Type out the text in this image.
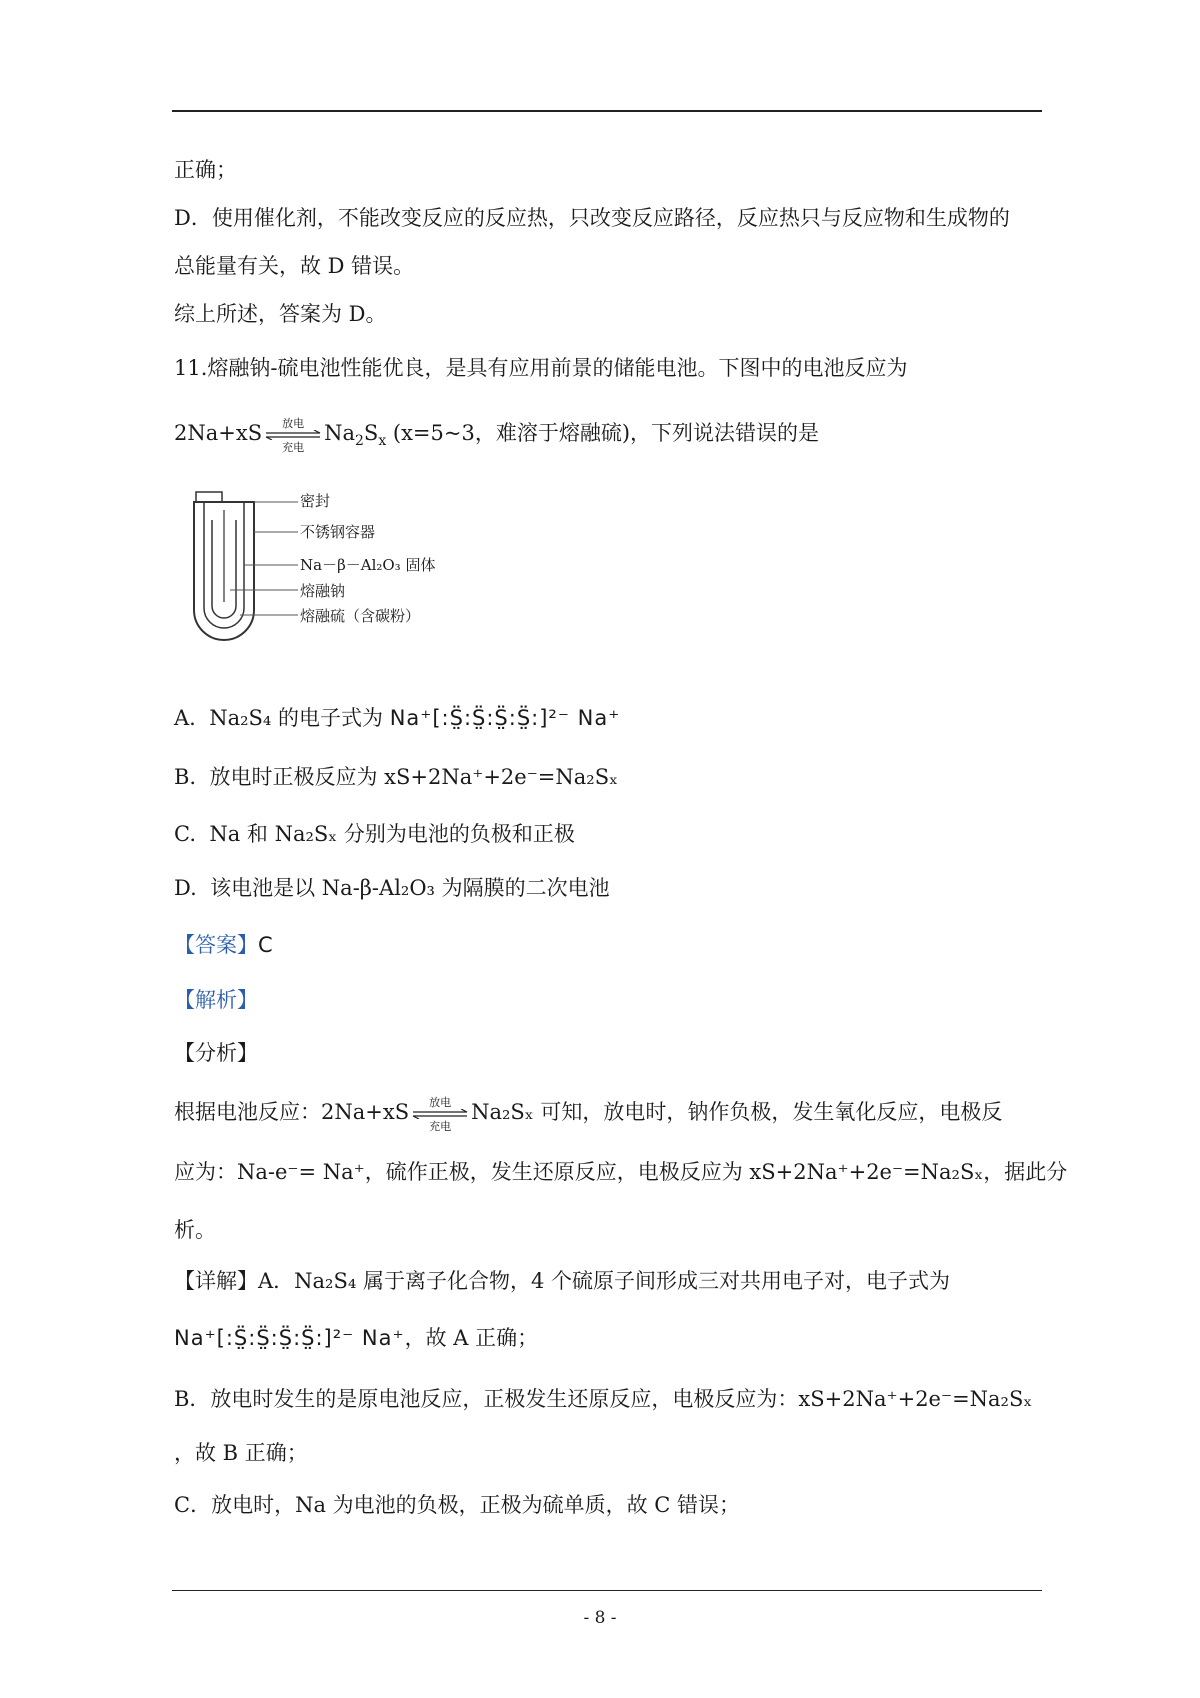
正确；
D．使用催化剂，不能改变反应的反应热，只改变反应路径，反应热只与反应物和生成物的
总能量有关，故 D 错误。
综上所述，答案为 D。
11.熔融钠-硫电池性能优良，是具有应用前景的储能电池。下图中的电池反应为
2Na+xS	放电
充电
$Na_2S_x$ (x=5~3，难溶于熔融硫)，下列说法错误的是
密封
不锈钢容器
Na－β－Al₂O₃ 固体
熔融钠
熔融硫（含碳粉）
A. Na₂S₄ 的电子式为 Na⁺[:S̤̈:S̤̈:S̤̈:S̤̈:]²⁻ Na⁺
B. 放电时正极反应为 xS+2Na⁺+2e⁻=Na₂Sₓ
C. Na 和 Na₂Sₓ 分别为电池的负极和正极
D. 该电池是以 Na-β-Al₂O₃ 为隔膜的二次电池
【答案】C
【解析】
【分析】
根据电池反应：2Na+xS	放电
充电
Na₂Sₓ 可知，放电时，钠作负极，发生氧化反应，电极反
应为：Na-e⁻= Na⁺，硫作正极，发生还原反应，电极反应为 xS+2Na⁺+2e⁻=Na₂Sₓ，据此分
析。
【详解】A．Na₂S₄ 属于离子化合物，4 个硫原子间形成三对共用电子对，电子式为
Na⁺[:S̤̈:S̤̈:S̤̈:S̤̈:]²⁻ Na⁺，故 A 正确；
B．放电时发生的是原电池反应，正极发生还原反应，电极反应为：xS+2Na⁺+2e⁻=Na₂Sₓ
，故 B 正确；
C．放电时，Na 为电池的负极，正极为硫单质，故 C 错误；
- 8 -
